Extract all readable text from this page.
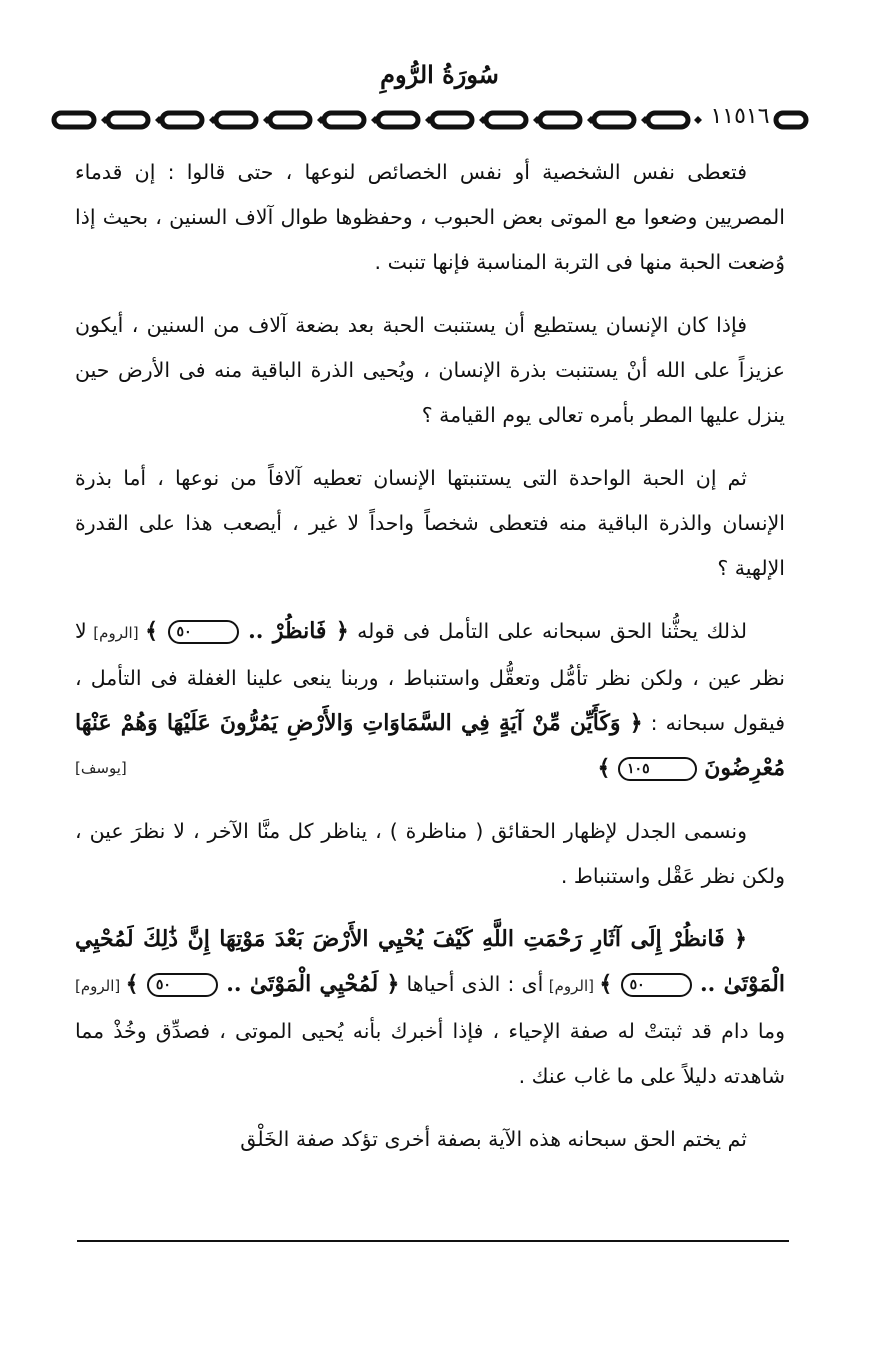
سُورَةُ الرُّومِ
١١٥١٦

فتعطى نفس الشخصية أو نفس الخصائص لنوعها ، حتى قالوا : إن قدماء المصريين وضعوا مع الموتى بعض الحبوب ، وحفظوها طوال آلاف السنين ، بحيث إذا وُضعت الحبة منها فى التربة المناسبة فإنها تنبت .

فإذا كان الإنسان يستطيع أن يستنبت الحبة بعد بضعة آلاف من السنين ، أيكون عزيزاً على الله أنْ يستنبت بذرة الإنسان ، ويُحيى الذرة الباقية منه فى الأرض حين ينزل عليها المطر بأمره تعالى يوم القيامة ؟

ثم إن الحبة الواحدة التى يستنبتها الإنسان تعطيه آلافاً من نوعها ، أما بذرة الإنسان والذرة الباقية منه فتعطى شخصاً واحداً لا غير ، أيصعب هذا على القدرة الإلهية ؟

لذلك يحثُّنا الحق سبحانه على التأمل فى قوله ﴿ فَانظُرْ .. ٥٠ ﴾ [الروم] لا نظر عين ، ولكن نظر تأمُّل وتعقُّل واستنباط ، وربنا ينعى علينا الغفلة فى التأمل ، فيقول سبحانه : ﴿ وَكَأَيِّن مِّنْ آيَةٍ فِي السَّمَاوَاتِ وَالأَرْضِ يَمُرُّونَ عَلَيْهَا وَهُمْ عَنْهَا مُعْرِضُونَ ١٠٥ ﴾
[يوسف]

ونسمى الجدل لإظهار الحقائق ( مناظرة ) ، يناظر كل منَّا الآخر ، لا نظرَ عين ، ولكن نظر عَقْل واستنباط .

﴿ فَانظُرْ إِلَى آثَارِ رَحْمَتِ اللَّهِ كَيْفَ يُحْيِي الأَرْضَ بَعْدَ مَوْتِهَا إِنَّ ذَٰلِكَ لَمُحْيِي الْمَوْتَىٰ .. ٥٠ ﴾ [الروم] أى : الذى أحياها ﴿ لَمُحْيِي الْمَوْتَىٰ .. ٥٠ ﴾ [الروم] وما دام قد ثبتتْ له صفة الإحياء ، فإذا أخبرك بأنه يُحيى الموتى ، فصدِّق وخُذْ مما شاهدته دليلاً على ما غاب عنك .

ثم يختم الحق سبحانه هذه الآية بصفة أخرى تؤكد صفة الخَلْق
